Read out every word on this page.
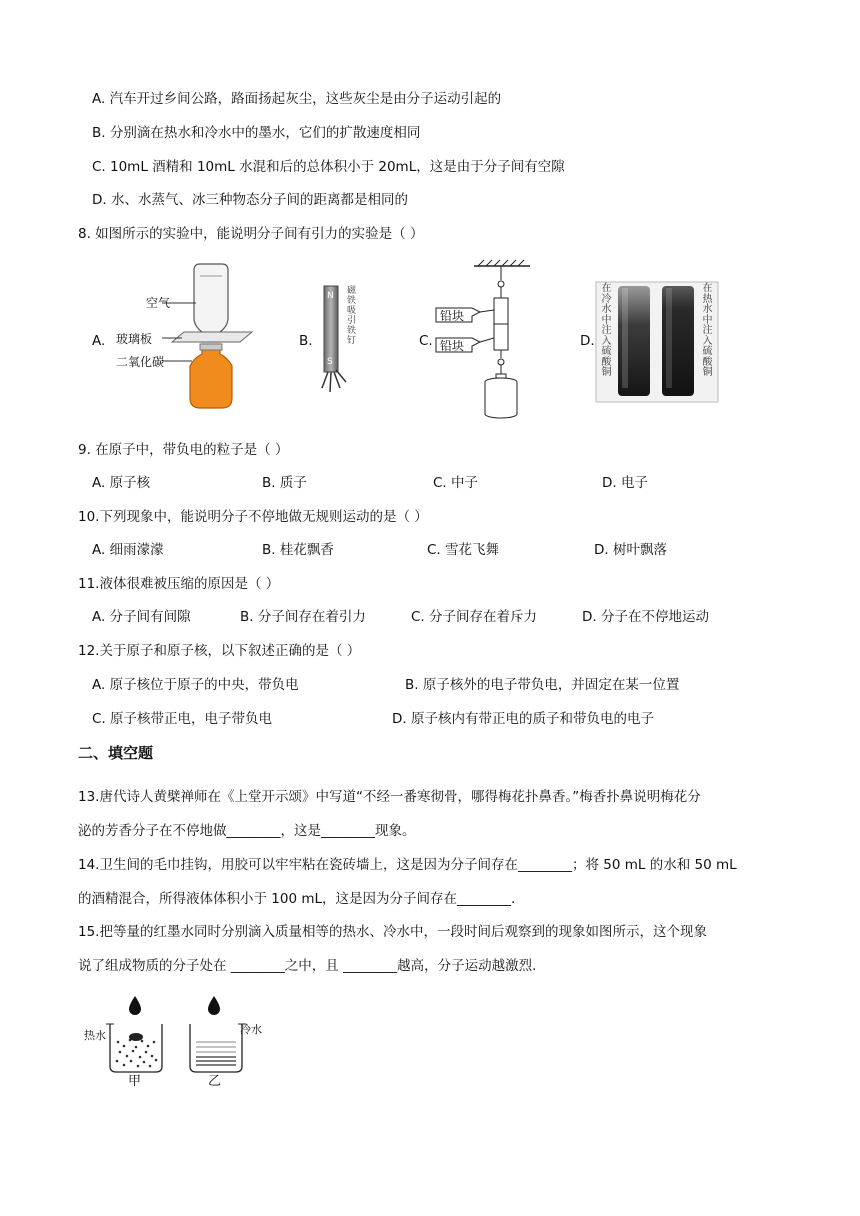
A. 汽车开过乡间公路，路面扬起灰尘，这些灰尘是由分子运动引起的
B. 分别滴在热水和冷水中的墨水，它们的扩散速度相同
C. 10mL 酒精和 10mL 水混和后的总体积小于 20mL，这是由于分子间有空隙
D. 水、水蒸气、冰三种物态分子间的距离都是相同的
8. 如图所示的实验中，能说明分子间有引力的实验是（ ）
A.
空气
玻璃板
二氧化碳
B.
N
S
磁铁吸引铁钉	C.
铅块
铅块	D.
在冷水中注入硫酸铜
在热水中注入硫酸铜
9. 在原子中，带负电的粒子是（ ）
A. 原子核	B. 质子	C. 中子	D. 电子
10.下列现象中，能说明分子不停地做无规则运动的是（ ）
A. 细雨濛濛	B. 桂花飘香	C. 雪花飞舞	D. 树叶飘落
11.液体很难被压缩的原因是（ ）
A. 分子间有间隙	B. 分子间存在着引力	C. 分子间存在着斥力	D. 分子在不停地运动
12.关于原子和原子核，以下叙述正确的是（ ）
A. 原子核位于原子的中央，带负电	B. 原子核外的电子带负电，并固定在某一位置
C. 原子核带正电，电子带负电	D. 原子核内有带正电的质子和带负电的电子
二、填空题
13.唐代诗人黄檗禅师在《上堂开示颂》中写道“不经一番寒彻骨，哪得梅花扑鼻香。”梅香扑鼻说明梅花分
泌的芳香分子在不停地做________，这是________现象。
14.卫生间的毛巾挂钩，用胶可以牢牢粘在瓷砖墙上，这是因为分子间存在________；将 50 mL 的水和 50 mL
的酒精混合，所得液体体积小于 100 mL，这是因为分子间存在________.
15.把等量的红墨水同时分别滴入质量相等的热水、冷水中，一段时间后观察到的现象如图所示，这个现象
说了组成物质的分子处在 ________之中，且 ________越高，分子运动越激烈.
热水	冷水
甲	乙
